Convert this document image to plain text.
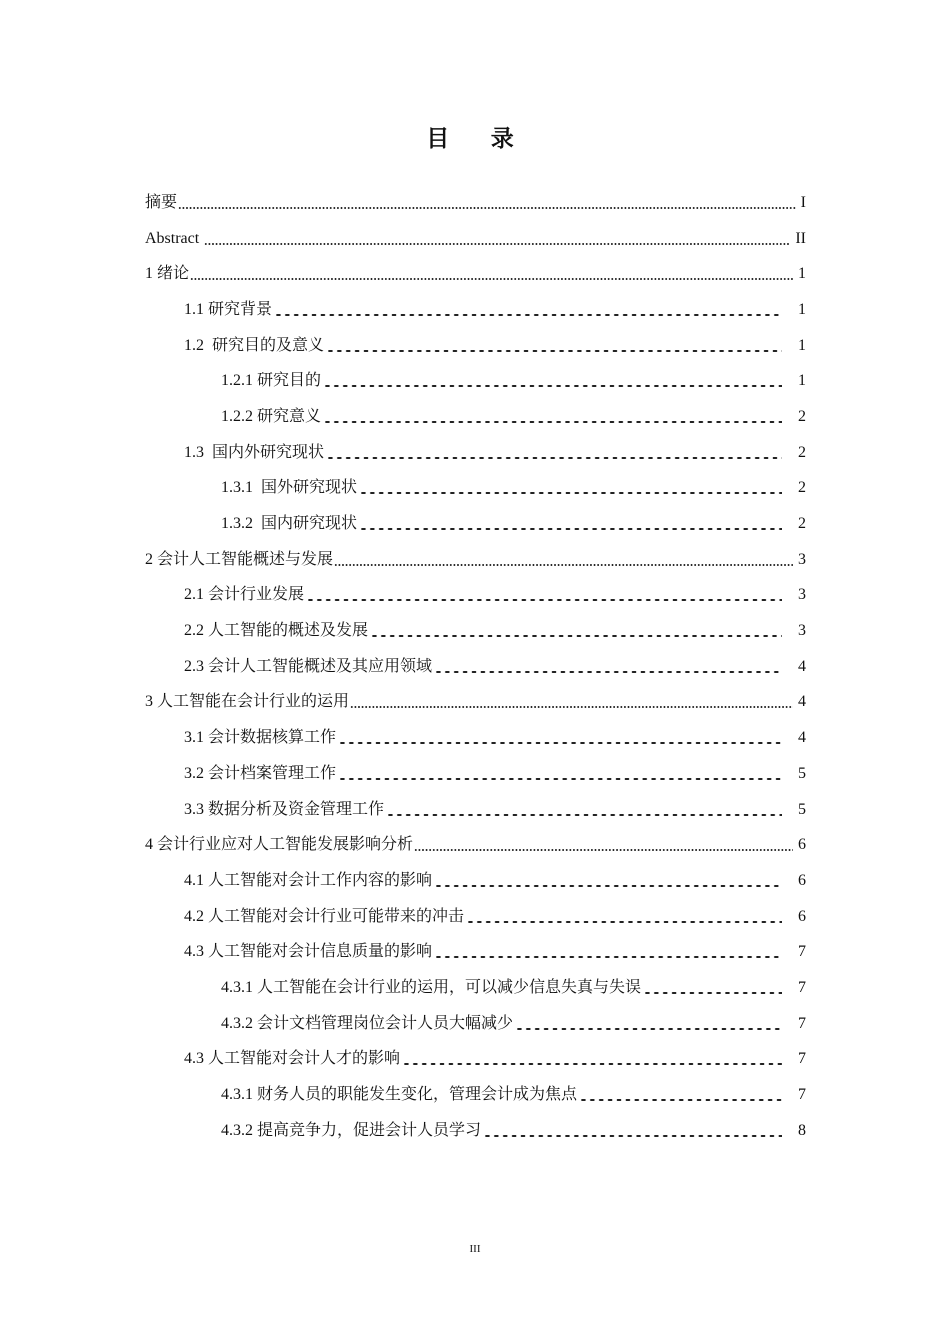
目  录
摘要	I
Abstract	II
1 绪论	1
1.1 研究背景	1
1.2  研究目的及意义	1
1.2.1 研究目的	1
1.2.2 研究意义	2
1.3  国内外研究现状	2
1.3.1  国外研究现状	2
1.3.2  国内研究现状	2
2 会计人工智能概述与发展	3
2.1 会计行业发展	3
2.2 人工智能的概述及发展	3
2.3 会计人工智能概述及其应用领域	4
3 人工智能在会计行业的运用	4
3.1 会计数据核算工作	4
3.2 会计档案管理工作	5
3.3 数据分析及资金管理工作	5
4 会计行业应对人工智能发展影响分析	6
4.1 人工智能对会计工作内容的影响	6
4.2 人工智能对会计行业可能带来的冲击	6
4.3 人工智能对会计信息质量的影响	7
4.3.1 人工智能在会计行业的运用，可以减少信息失真与失误	7
4.3.2 会计文档管理岗位会计人员大幅减少	7
4.3 人工智能对会计人才的影响	7
4.3.1 财务人员的职能发生变化，管理会计成为焦点	7
4.3.2 提高竞争力，促进会计人员学习	8
III
